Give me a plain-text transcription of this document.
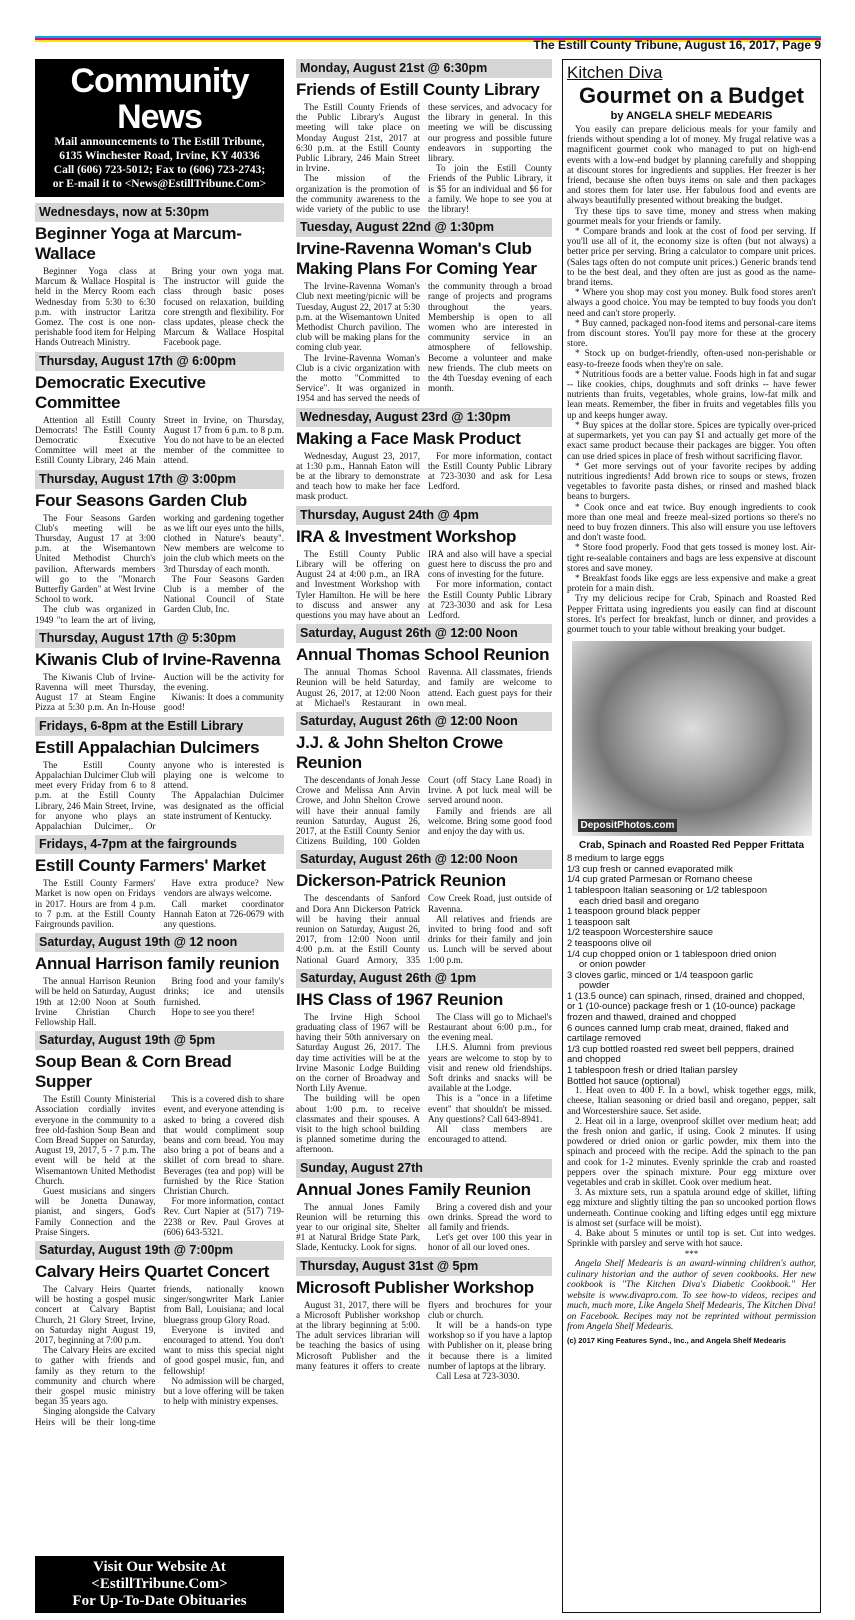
The Estill County Tribune, August 16, 2017, Page 9
Community News
Mail announcements to The Estill Tribune,
6135 Winchester Road, Irvine, KY 40336
Call (606) 723-5012; Fax to (606) 723-2743;
or E-mail it to <News@EstillTribune.Com>
Wednesdays, now at 5:30pm
Beginner Yoga at Marcum-Wallace

Beginner Yoga class at Marcum & Wallace Hospital is held in the Mercy Room each Wednesday from 5:30 to 6:30 p.m. with instructor Laritza Gomez. The cost is one non-perishable food item for Helping Hands Outreach Ministry.

Bring your own yoga mat. The instructor will guide the class through basic poses focused on relaxation, building core strength and flexibility. For class updates, please check the Marcum & Wallace Hospital Facebook page.

Thursday, August 17th @ 6:00pm
Democratic Executive Committee

Attention all Estill County Democrats! The Estill County Democratic Executive Committee will meet at the Estill County Library, 246 Main Street in Irvine, on Thursday, August 17 from 6 p.m. to 8 p.m. You do not have to be an elected member of the committee to attend.

Thursday, August 17th @ 3:00pm
Four Seasons Garden Club

The Four Seasons Garden Club's meeting will be Thursday, August 17 at 3:00 p.m. at the Wisemantown United Methodist Church's pavilion. Afterwards members will go to the "Monarch Butterfly Garden" at West Irvine School to work.

The club was organized in 1949 "to learn the art of living, working and gardening together as we lift our eyes unto the hills, clothed in Nature's beauty". New members are welcome to join the club which meets on the 3rd Thursday of each month.

The Four Seasons Garden Club is a member of the National Council of State Garden Club, Inc.

Thursday, August 17th @ 5:30pm
Kiwanis Club of Irvine-Ravenna

The Kiwanis Club of Irvine-Ravenna will meet Thursday, August 17 at Steam Engine Pizza at 5:30 p.m. An In-House Auction will be the activity for the evening.

Kiwanis: It does a community good!

Fridays, 6-8pm at the Estill Library
Estill Appalachian Dulcimers

The Estill County Appalachian Dulcimer Club will meet every Friday from 6 to 8 p.m. at the Estill County Library, 246 Main Street, Irvine, for anyone who plays an Appalachian Dulcimer,. Or anyone who is interested is playing one is welcome to attend.

The Appalachian Dulcimer was designated as the official state instrument of Kentucky.

Fridays, 4-7pm at the fairgrounds
Estill County Farmers' Market

The Estill County Farmers' Market is now open on Fridays in 2017. Hours are from 4 p.m. to 7 p.m. at the Estill County Fairgrounds pavilion.

Have extra produce? New vendors are always welcome.

Call market coordinator Hannah Eaton at 726-0679 with any questions.

Saturday, August 19th @ 12 noon
Annual Harrison family reunion

The annual Harrison Reunion will be held on Saturday, August 19th at 12:00 Noon at South Irvine Christian Church Fellowship Hall.

Bring food and your family's drinks; ice and utensils furnished.

Hope to see you there!

Saturday, August 19th @ 5pm
Soup Bean & Corn Bread Supper

The Estill County Ministerial Association cordially invites everyone in the community to a free old-fashion Soup Bean and Corn Bread Supper on Saturday, August 19, 2017, 5 - 7 p.m. The event will be held at the Wisemantown United Methodist Church.

Guest musicians and singers will be Jonetta Dunaway, pianist, and singers, God's Family Connection and the Praise Singers.

This is a covered dish to share event, and everyone attending is asked to bring a covered dish that would compliment soup beans and corn bread. You may also bring a pot of beans and a skillet of corn bread to share. Beverages (tea and pop) will be furnished by the Rice Station Christian Church.

For more information, contact Rev. Curt Napier at (517) 719-2238 or Rev. Paul Groves at (606) 643-5321.

Saturday, August 19th @ 7:00pm
Calvary Heirs Quartet Concert

The Calvary Heirs Quartet will be hosting a gospel music concert at Calvary Baptist Church, 21 Glory Street, Irvine, on Saturday night August 19, 2017, beginning at 7:00 p.m.

The Calvary Heirs are excited to gather with friends and family as they return to the community and church where their gospel music ministry began 35 years ago.

Singing alongside the Calvary Heirs will be their long-time friends, nationally known singer/songwriter Mark Lanier from Ball, Louisiana; and local bluegrass group Glory Road.

Everyone is invited and encouraged to attend. You don't want to miss this special night of good gospel music, fun, and fellowship!

No admission will be charged, but a love offering will be taken to help with ministry expenses.

Visit Our Website At
<EstillTribune.Com>
For Up-To-Date Obituaries
Monday, August 21st @ 6:30pm
Friends of Estill County Library

The Estill County Friends of the Public Library's August meeting will take place on Monday August 21st, 2017 at 6:30 p.m. at the Estill County Public Library, 246 Main Street in Irvine.

The mission of the organization is the promotion of the community awareness to the wide variety of the public to use these services, and advocacy for the library in general. In this meeting we will be discussing our progress and possible future endeavors in supporting the library.

To join the Estill County Friends of the Public Library, it is $5 for an individual and $6 for a family. We hope to see you at the library!

Tuesday, August 22nd @ 1:30pm
Irvine-Ravenna Woman's Club Making Plans For Coming Year

The Irvine-Ravenna Woman's Club next meeting/picnic will be Tuesday, August 22, 2017 at 5:30 p.m. at the Wisemantown United Methodist Church pavilion. The club will be making plans for the coming club year.

The Irvine-Ravenna Woman's Club is a civic organization with the motto "Committed to Service". It was organized in 1954 and has served the needs of the community through a broad range of projects and programs throughout the years. Membership is open to all women who are interested in community service in an atmosphere of fellowship. Become a volunteer and make new friends. The club meets on the 4th Tuesday evening of each month.

Wednesday, August 23rd @ 1:30pm
Making a Face Mask Product

Wednesday, August 23, 2017, at 1:30 p.m., Hannah Eaton will be at the library to demonstrate and teach how to make her face mask product.

For more information, contact the Estill County Public Library at 723-3030 and ask for Lesa Ledford.

Thursday, August 24th @ 4pm
IRA & Investment Workshop

The Estill County Public Library will be offering on August 24 at 4:00 p.m., an IRA and Investment Workshop with Tyler Hamilton. He will be here to discuss and answer any questions you may have about an IRA and also will have a special guest here to discuss the pro and cons of investing for the future.

For more information, contact the Estill County Public Library at 723-3030 and ask for Lesa Ledford.

Saturday, August 26th @ 12:00 Noon
Annual Thomas School Reunion

The annual Thomas School Reunion will be held Saturday, August 26, 2017, at 12:00 Noon at Michael's Restaurant in Ravenna. All classmates, friends and family are welcome to attend. Each guest pays for their own meal.

Saturday, August 26th @ 12:00 Noon
J.J. & John Shelton Crowe Reunion

The descendants of Jonah Jesse Crowe and Melissa Ann Arvin Crowe, and John Shelton Crowe will have their annual family reunion Saturday, August 26, 2017, at the Estill County Senior Citizens Building, 100 Golden Court (off Stacy Lane Road) in Irvine. A pot luck meal will be served around noon.

Family and friends are all welcome. Bring some good food and enjoy the day with us.

Saturday, August 26th @ 12:00 Noon
Dickerson-Patrick Reunion

The descendants of Sanford and Dora Ann Dickerson Patrick will be having their annual reunion on Saturday, August 26, 2017, from 12:00 Noon until 4:00 p.m. at the Estill County National Guard Armory, 335 Cow Creek Road, just outside of Ravenna.

All relatives and friends are invited to bring food and soft drinks for their family and join us. Lunch will be served about 1:00 p.m.

Saturday, August 26th @ 1pm
IHS Class of 1967 Reunion

The Irvine High School graduating class of 1967 will be having their 50th anniversary on Saturday August 26, 2017. The day time activities will be at the Irvine Masonic Lodge Building on the corner of Broadway and North Lily Avenue.

The building will be open about 1:00 p.m. to receive classmates and their spouses. A visit to the high school building is planned sometime during the afternoon.

The Class will go to Michael's Restaurant about 6:00 p.m., for the evening meal.

I.H.S. Alumni from previous years are welcome to stop by to visit and renew old friendships. Soft drinks and snacks will be available at the Lodge.

This is a "once in a lifetime event" that shouldn't be missed. Any questions? Call 643-8941.

All class members are encouraged to attend.

Sunday, August 27th
Annual Jones Family Reunion

The annual Jones Family Reunion will be returning this year to our original site, Shelter #1 at Natural Bridge State Park, Slade, Kentucky. Look for signs.

Bring a covered dish and your own drinks. Spread the word to all family and friends.

Let's get over 100 this year in honor of all our loved ones.

Thursday, August 31st @ 5pm
Microsoft Publisher Workshop

August 31, 2017, there will be a Microsoft Publisher workshop at the library beginning at 5:00. The adult services librarian will be teaching the basics of using Microsoft Publisher and the many features it offers to create flyers and brochures for your club or church.

It will be a hands-on type workshop so if you have a laptop with Publisher on it, please bring it because there is a limited number of laptops at the library.

Call Lesa at 723-3030.

Kitchen Diva
Gourmet on a Budget
by ANGELA SHELF MEDEARIS

You easily can prepare delicious meals for your family and friends without spending a lot of money. My frugal relative was a magnificent gourmet cook who managed to put on high-end events with a low-end budget by planning carefully and shopping at discount stores for ingredients and supplies. Her freezer is her friend, because she often buys items on sale and then packages and stores them for later use. Her fabulous food and events are always beautifully presented without breaking the budget.

Try these tips to save time, money and stress when making gourmet meals for your friends or family.

* Compare brands and look at the cost of food per serving. If you'll use all of it, the economy size is often (but not always) a better price per serving. Bring a calculator to compare unit prices. (Sales tags often do not compute unit prices.) Generic brands tend to be the best deal, and they often are just as good as the name-brand items.

* Where you shop may cost you money. Bulk food stores aren't always a good choice. You may be tempted to buy foods you don't need and can't store properly.

* Buy canned, packaged non-food items and personal-care items from discount stores. You'll pay more for these at the grocery store.

* Stock up on budget-friendly, often-used non-perishable or easy-to-freeze foods when they're on sale.

* Nutritious foods are a better value. Foods high in fat and sugar -- like cookies, chips, doughnuts and soft drinks -- have fewer nutrients than fruits, vegetables, whole grains, low-fat milk and lean meats. Remember, the fiber in fruits and vegetables fills you up and keeps hunger away.

* Buy spices at the dollar store. Spices are typically over-priced at supermarkets, yet you can pay $1 and actually get more of the exact same product because their packages are bigger. You often can use dried spices in place of fresh without sacrificing flavor.

* Get more servings out of your favorite recipes by adding nutritious ingredients! Add brown rice to soups or stews, frozen vegetables to favorite pasta dishes, or rinsed and mashed black beans to burgers.

* Cook once and eat twice. Buy enough ingredients to cook more than one meal and freeze meal-sized portions so there's no need to buy frozen dinners. This also will ensure you use leftovers and don't waste food.

* Store food properly. Food that gets tossed is money lost. Air-tight re-sealable containers and bags are less expensive at discount stores and save money.

* Breakfast foods like eggs are less expensive and make a great protein for a main dish.

Try my delicious recipe for Crab, Spinach and Roasted Red Pepper Frittata using ingredients you easily can find at discount stores. It's perfect for breakfast, lunch or dinner, and provides a gourmet touch to your table without breaking your budget.

DepositPhotos.com
Crab, Spinach and Roasted Red Pepper Frittata
8 medium to large eggs
1/3 cup fresh or canned evaporated milk
1/4 cup grated Parmesan or Romano cheese
1 tablespoon Italian seasoning or 1/2 tablespoon
each dried basil and oregano
1 teaspoon ground black pepper
1 teaspoon salt
1/2 teaspoon Worcestershire sauce
2 teaspoons olive oil
1/4 cup chopped onion or 1 tablespoon dried onion
or onion powder
3 cloves garlic, minced or 1/4 teaspoon garlic
powder
1 (13.5 ounce) can spinach, rinsed, drained and chopped,
or 1 (10-ounce) package fresh or 1 (10-ounce) package
frozen and thawed, drained and chopped
6 ounces canned lump crab meat, drained, flaked and
cartilage removed
1/3 cup bottled roasted red sweet bell peppers, drained
and chopped
1 tablespoon fresh or dried Italian parsley
Bottled hot sauce (optional)

1. Heat oven to 400 F. In a bowl, whisk together eggs, milk, cheese, Italian seasoning or dried basil and oregano, pepper, salt and Worcestershire sauce. Set aside.

2. Heat oil in a large, ovenproof skillet over medium heat; add the fresh onion and garlic, if using. Cook 2 minutes. If using powdered or dried onion or garlic powder, mix them into the spinach and proceed with the recipe. Add the spinach to the pan and cook for 1-2 minutes. Evenly sprinkle the crab and roasted peppers over the spinach mixture. Pour egg mixture over vegetables and crab in skillet. Cook over medium heat.

3. As mixture sets, run a spatula around edge of skillet, lifting egg mixture and slightly tilting the pan so uncooked portion flows underneath. Continue cooking and lifting edges until egg mixture is almost set (surface will be moist).

4. Bake about 5 minutes or until top is set. Cut into wedges. Sprinkle with parsley and serve with hot sauce.

***

Angela Shelf Medearis is an award-winning children's author, culinary historian and the author of seven cookbooks. Her new cookbook is "The Kitchen Diva's Diabetic Cookbook." Her website is www.divapro.com. To see how-to videos, recipes and much, much more, Like Angela Shelf Medearis, The Kitchen Diva! on Facebook. Recipes may not be reprinted without permission from Angela Shelf Medearis.

(c) 2017 King Features Synd., Inc., and Angela Shelf Medearis
